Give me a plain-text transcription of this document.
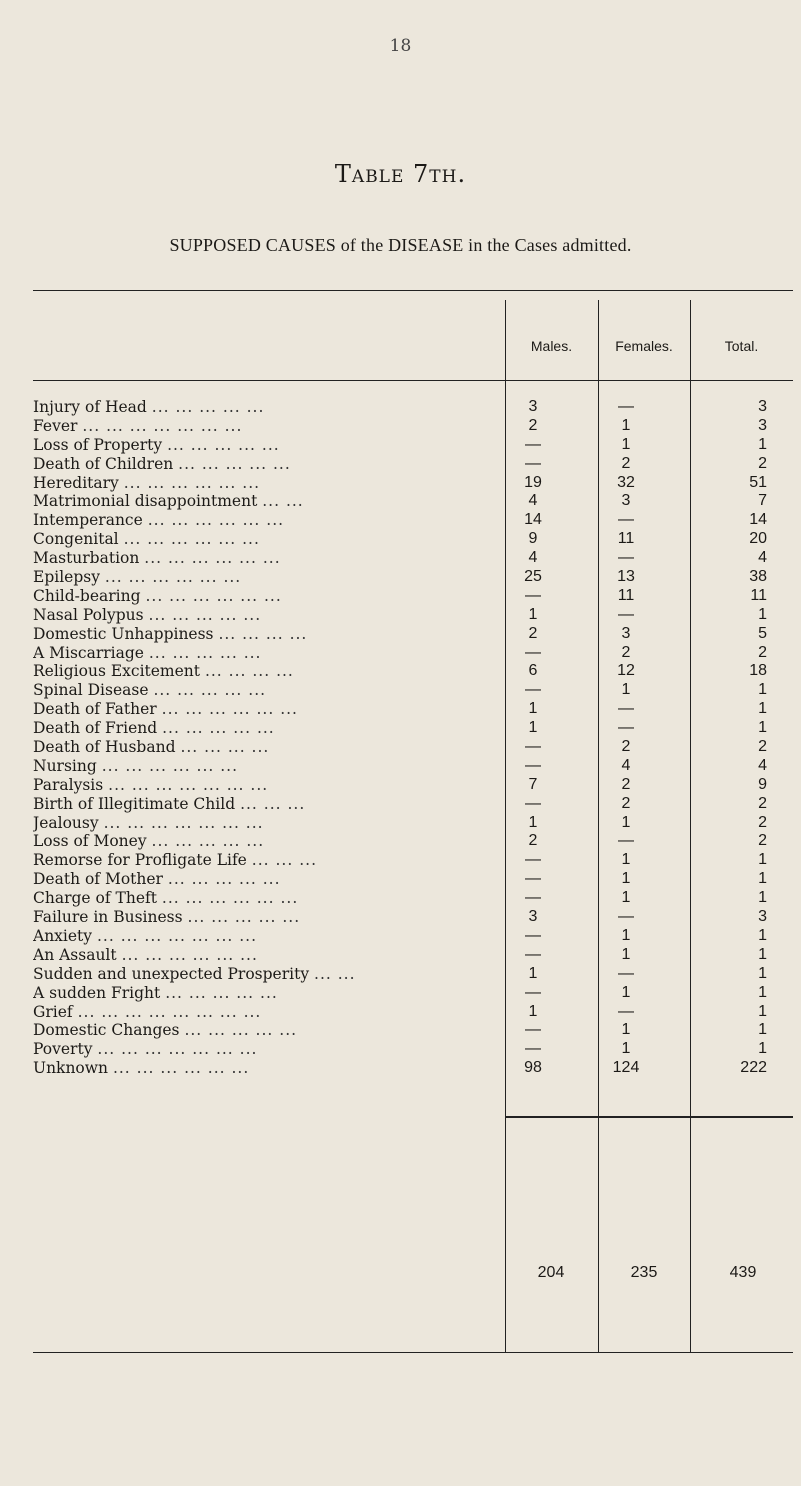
18
Table 7th.
SUPPOSED CAUSES of the DISEASE in the Cases admitted.
Males.	Females.	Total.
Injury of Head ... ... ... ... ...	3	—	3
Fever ... ... ... ... ... ... ...	2	1	3
Loss of Property ... ... ... ... ...	—	1	1
Death of Children ... ... ... ... ...	—	2	2
Hereditary ... ... ... ... ... ...	19	32	51
Matrimonial disappointment ... ...	4	3	7
Intemperance ... ... ... ... ... ...	14	—	14
Congenital ... ... ... ... ... ...	9	11	20
Masturbation ... ... ... ... ... ...	4	—	4
Epilepsy ... ... ... ... ... ...	25	13	38
Child-bearing ... ... ... ... ... ...	—	11	11
Nasal Polypus ... ... ... ... ...	1	—	1
Domestic Unhappiness ... ... ... ...	2	3	5
A Miscarriage ... ... ... ... ...	—	2	2
Religious Excitement ... ... ... ...	6	12	18
Spinal Disease ... ... ... ... ...	—	1	1
Death of Father ... ... ... ... ... ...	1	—	1
Death of Friend ... ... ... ... ...	1	—	1
Death of Husband ... ... ... ...	—	2	2
Nursing ... ... ... ... ... ...	—	4	4
Paralysis ... ... ... ... ... ... ...	7	2	9
Birth of Illegitimate Child ... ... ...	—	2	2
Jealousy ... ... ... ... ... ... ...	1	1	2
Loss of Money ... ... ... ... ...	2	—	2
Remorse for Profligate Life ... ... ...	—	1	1
Death of Mother ... ... ... ... ...	—	1	1
Charge of Theft ... ... ... ... ... ...	—	1	1
Failure in Business ... ... ... ... ...	3	—	3
Anxiety ... ... ... ... ... ... ...	—	1	1
An Assault ... ... ... ... ... ...	—	1	1
Sudden and unexpected Prosperity ... ...	1	—	1
A sudden Fright ... ... ... ... ...	—	1	1
Grief ... ... ... ... ... ... ... ...	1	—	1
Domestic Changes ... ... ... ... ...	—	1	1
Poverty ... ... ... ... ... ... ...	—	1	1
Unknown ... ... ... ... ... ...	98	124	222
204	235	439
